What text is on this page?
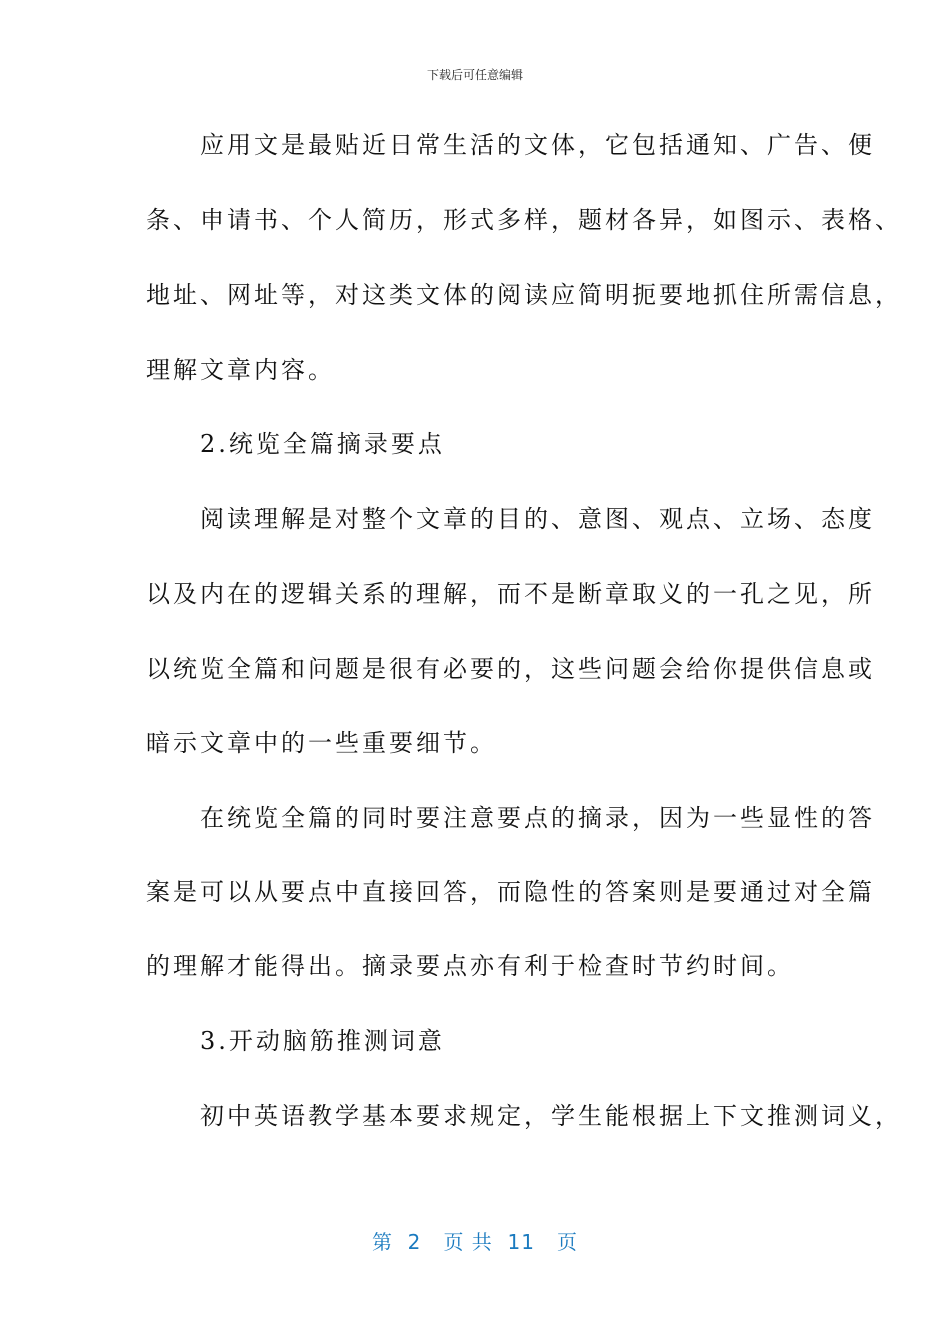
下载后可任意编辑
　　应用文是最贴近日常生活的文体，它包括通知、广告、便
条、申请书、个人简历，形式多样，题材各异，如图示、表格、
地址、网址等，对这类文体的阅读应简明扼要地抓住所需信息，
理解文章内容。
　　2.统览全篇摘录要点
　　阅读理解是对整个文章的目的、意图、观点、立场、态度
以及内在的逻辑关系的理解，而不是断章取义的一孔之见，所
以统览全篇和问题是很有必要的，这些问题会给你提供信息或
暗示文章中的一些重要细节。
　　在统览全篇的同时要注意要点的摘录，因为一些显性的答
案是可以从要点中直接回答，而隐性的答案则是要通过对全篇
的理解才能得出。摘录要点亦有利于检查时节约时间。
　　3.开动脑筋推测词意
　　初中英语教学基本要求规定，学生能根据上下文推测词义，
第  2   页 共  11   页
